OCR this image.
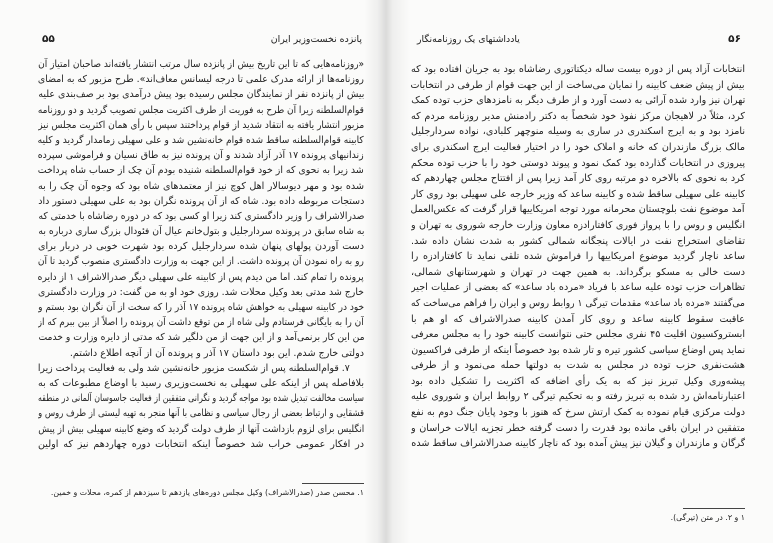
پانزده نخست‌وزیر ایران
۵۵
«روزنامه‌هایی که تا این تاریخ بیش از پانزده سال مرتب انتشار یافته‌اند صاحبان امتیاز آن
روزنامه‌ها از ارائه مدرک علمی تا درجه لیسانس معاف‌اند». طرح مزبور که به امضای
بیش از پانزده نفر از نمایندگان مجلس رسیده بود پیش درآمدی بود بر صف‌بندی علیه
قوام‌السلطنه زیرا آن طرح به فوریت از طرف اکثریت مجلس تصویب گردید و دو روزنامه
مزبور انتشار یافته به انتقاد شدید از قوام پرداختند سپس با رأی همان اکثریت مجلس نیز
کابینه قوام‌السلطنه ساقط شده قوام خانه‌نشین شد و علی سهیلی زمامدار گردید و کلیه
زندانیهای پرونده ۱۷ آذر آزاد شدند و آن پرونده نیز به طاق نسیان و فراموشی سپرده
شد زیرا به نحوی که از خود قوام‌السلطنه شنیده بودم آن چک از حساب شاه پرداخت
شده بود و مهر دیوسالار اهل کوچ نیز از معتمدهای شاه بود که وجوه آن چک را به
دستجات مربوطه داده بود. شاه که از آن پرونده نگران بود به علی سهیلی دستور داد
صدرالاشراف را وزیر دادگستری کند زیرا او کسی بود که در دوره رضاشاه با خدمتی که
به شاه سابق در پرونده سردارجلیل و بتول‌خانم عیال آن فئودال بزرگ ساری درباره به
دست آوردن پولهای پنهان شده سردارجلیل کرده بود شهرت خوبی در دربار برای
رو به راه نمودن آن پرونده داشت. از این جهت به وزارت دادگستری منصوب گردید تا آن
پرونده را تمام کند. اما من دیدم پس از کابینه علی سهیلی دیگر صدرالاشراف ۱ از دایره
خارج شد مدتی بعد وکیل محلات شد. روزی خود او به من گفت: در وزارت دادگستری
خود در کابینه سهیلی به خواهش شاه پرونده ۱۷ آذر را که سخت از آن نگران بود بستم و
آن را به بایگانی فرستادم ولی شاه از من توقع داشت آن پرونده را اصلاً از بین ببرم که از
من این کار برنمی‌آمد و از این جهت از من دلگیر شد که مدتی از دایره وزارت و خدمت
دولتی خارج شدم. این بود داستان ۱۷ آذر و پرونده آن از آنچه اطلاع داشتم.
۷. قوام‌السلطنه پس از شکست مزبور خانه‌نشین شد ولی به فعالیت پرداخت زیرا
بلافاصله پس از اینکه علی سهیلی به نخست‌وزیری رسید با اوضاع مطبوعات که به
سیاست مخالفت تبدیل شده بود مواجه گردید و نگرانی متفقین از فعالیت جاسوسان آلمانی در منطقه
قشقایی و ارتباط بعضی از رجال سیاسی و نظامی با آنها منجر به تهیه لیستی از طرف روس و
انگلیس برای لزوم بازداشت آنها از طرف دولت گردید که وضع کابینه سهیلی بیش از پیش
در افکار عمومی خراب شد خصوصاً اینکه انتخابات دوره چهاردهم نیز که اولین
۱. محسن صدر (صدرالاشراف) وکیل مجلس دوره‌های یازدهم تا سیزدهم از کمره، محلات و خمین.
یادداشتهای یک روزنامه‌نگار	۵۶
انتخابات آزاد پس از دوره بیست ساله دیکتاتوری رضاشاه بود به جریان افتاده بود که
بیش از پیش ضعف کابینه را نمایان می‌ساخت از این جهت قوام از طرفی در انتخابات
تهران نیز وارد شده آرائی به دست آورد و از طرف دیگر به نامزدهای حزب توده کمک
کرد، مثلاً در لاهیجان مرکز نفوذ خود شخصاً به دکتر رادمنش مدیر روزنامه مردم که
نامزد بود و به ایرج اسکندری در ساری به وسیله منوچهر کلبادی، نواده سردارجلیل
مالک بزرگ مازندران که خانه و املاک خود را در اختیار فعالیت ایرج اسکندری برای
پیروزی در انتخابات گذارده بود کمک نمود و پیوند دوستی خود را با حزب توده محکم
کرد به نحوی که بالاخره دو مرتبه روی کار آمد زیرا پس از افتتاح مجلس چهاردهم که
کابینه علی سهیلی ساقط شده و کابینه ساعد که وزیر خارجه علی سهیلی بود روی کار
آمد موضوع نفت بلوچستان محرمانه مورد توجه امریکاییها قرار گرفت که عکس‌العمل
انگلیس و روس را با پرواز فوری کافتارادزه معاون وزارت خارجه شوروی به تهران و
تقاضای استخراج نفت در ایالات پنجگانه شمالی کشور به شدت نشان داده شد.
ساعد ناچار گردید موضوع امریکاییها را فراموش شده تلقی نماید تا کافتارادزه را
دست خالی به مسکو برگرداند. به همین جهت در تهران و شهرستانهای شمالی،
تظاهرات حزب توده علیه ساعد با فریاد «مرده باد ساعد» که بعضی از عملیات اجیر
می‌گفتند «مرده باد ساعد» مقدمات تیرگی ۱ روابط روس و ایران را فراهم می‌ساخت که
عاقبت سقوط کابینه ساعد و روی کار آمدن کابینه صدرالاشراف که او هم با
ابستروکسیون اقلیت ۴۵ نفری مجلس حتی نتوانست کابینه خود را به مجلس معرفی
نماید پس اوضاع سیاسی کشور تیره و تار شده بود خصوصاً اینکه از طرفی فراکسیون
هشت‌نفری حزب توده در مجلس به شدت به دولتها حمله می‌نمود و از طرفی
پیشه‌وری وکیل تبریز نیز که به یک رأی اضافه که اکثریت را تشکیل داده بود
اعتبارنامه‌اش رد شده به تبریز رفته و به تحکیم تیرگی ۲ روابط ایران و شوروی علیه
دولت مرکزی قیام نموده به کمک ارتش سرخ که هنوز با وجود پایان جنگ دوم به نفع
متفقین در ایران باقی مانده بود قدرت را دست گرفته خطر تجزیه ایالات خراسان و
گرگان و مازندران و گیلان نیز پیش آمده بود که ناچار کابینه صدرالاشراف ساقط شده
۱ و ۲. در متن (تیرگی).
